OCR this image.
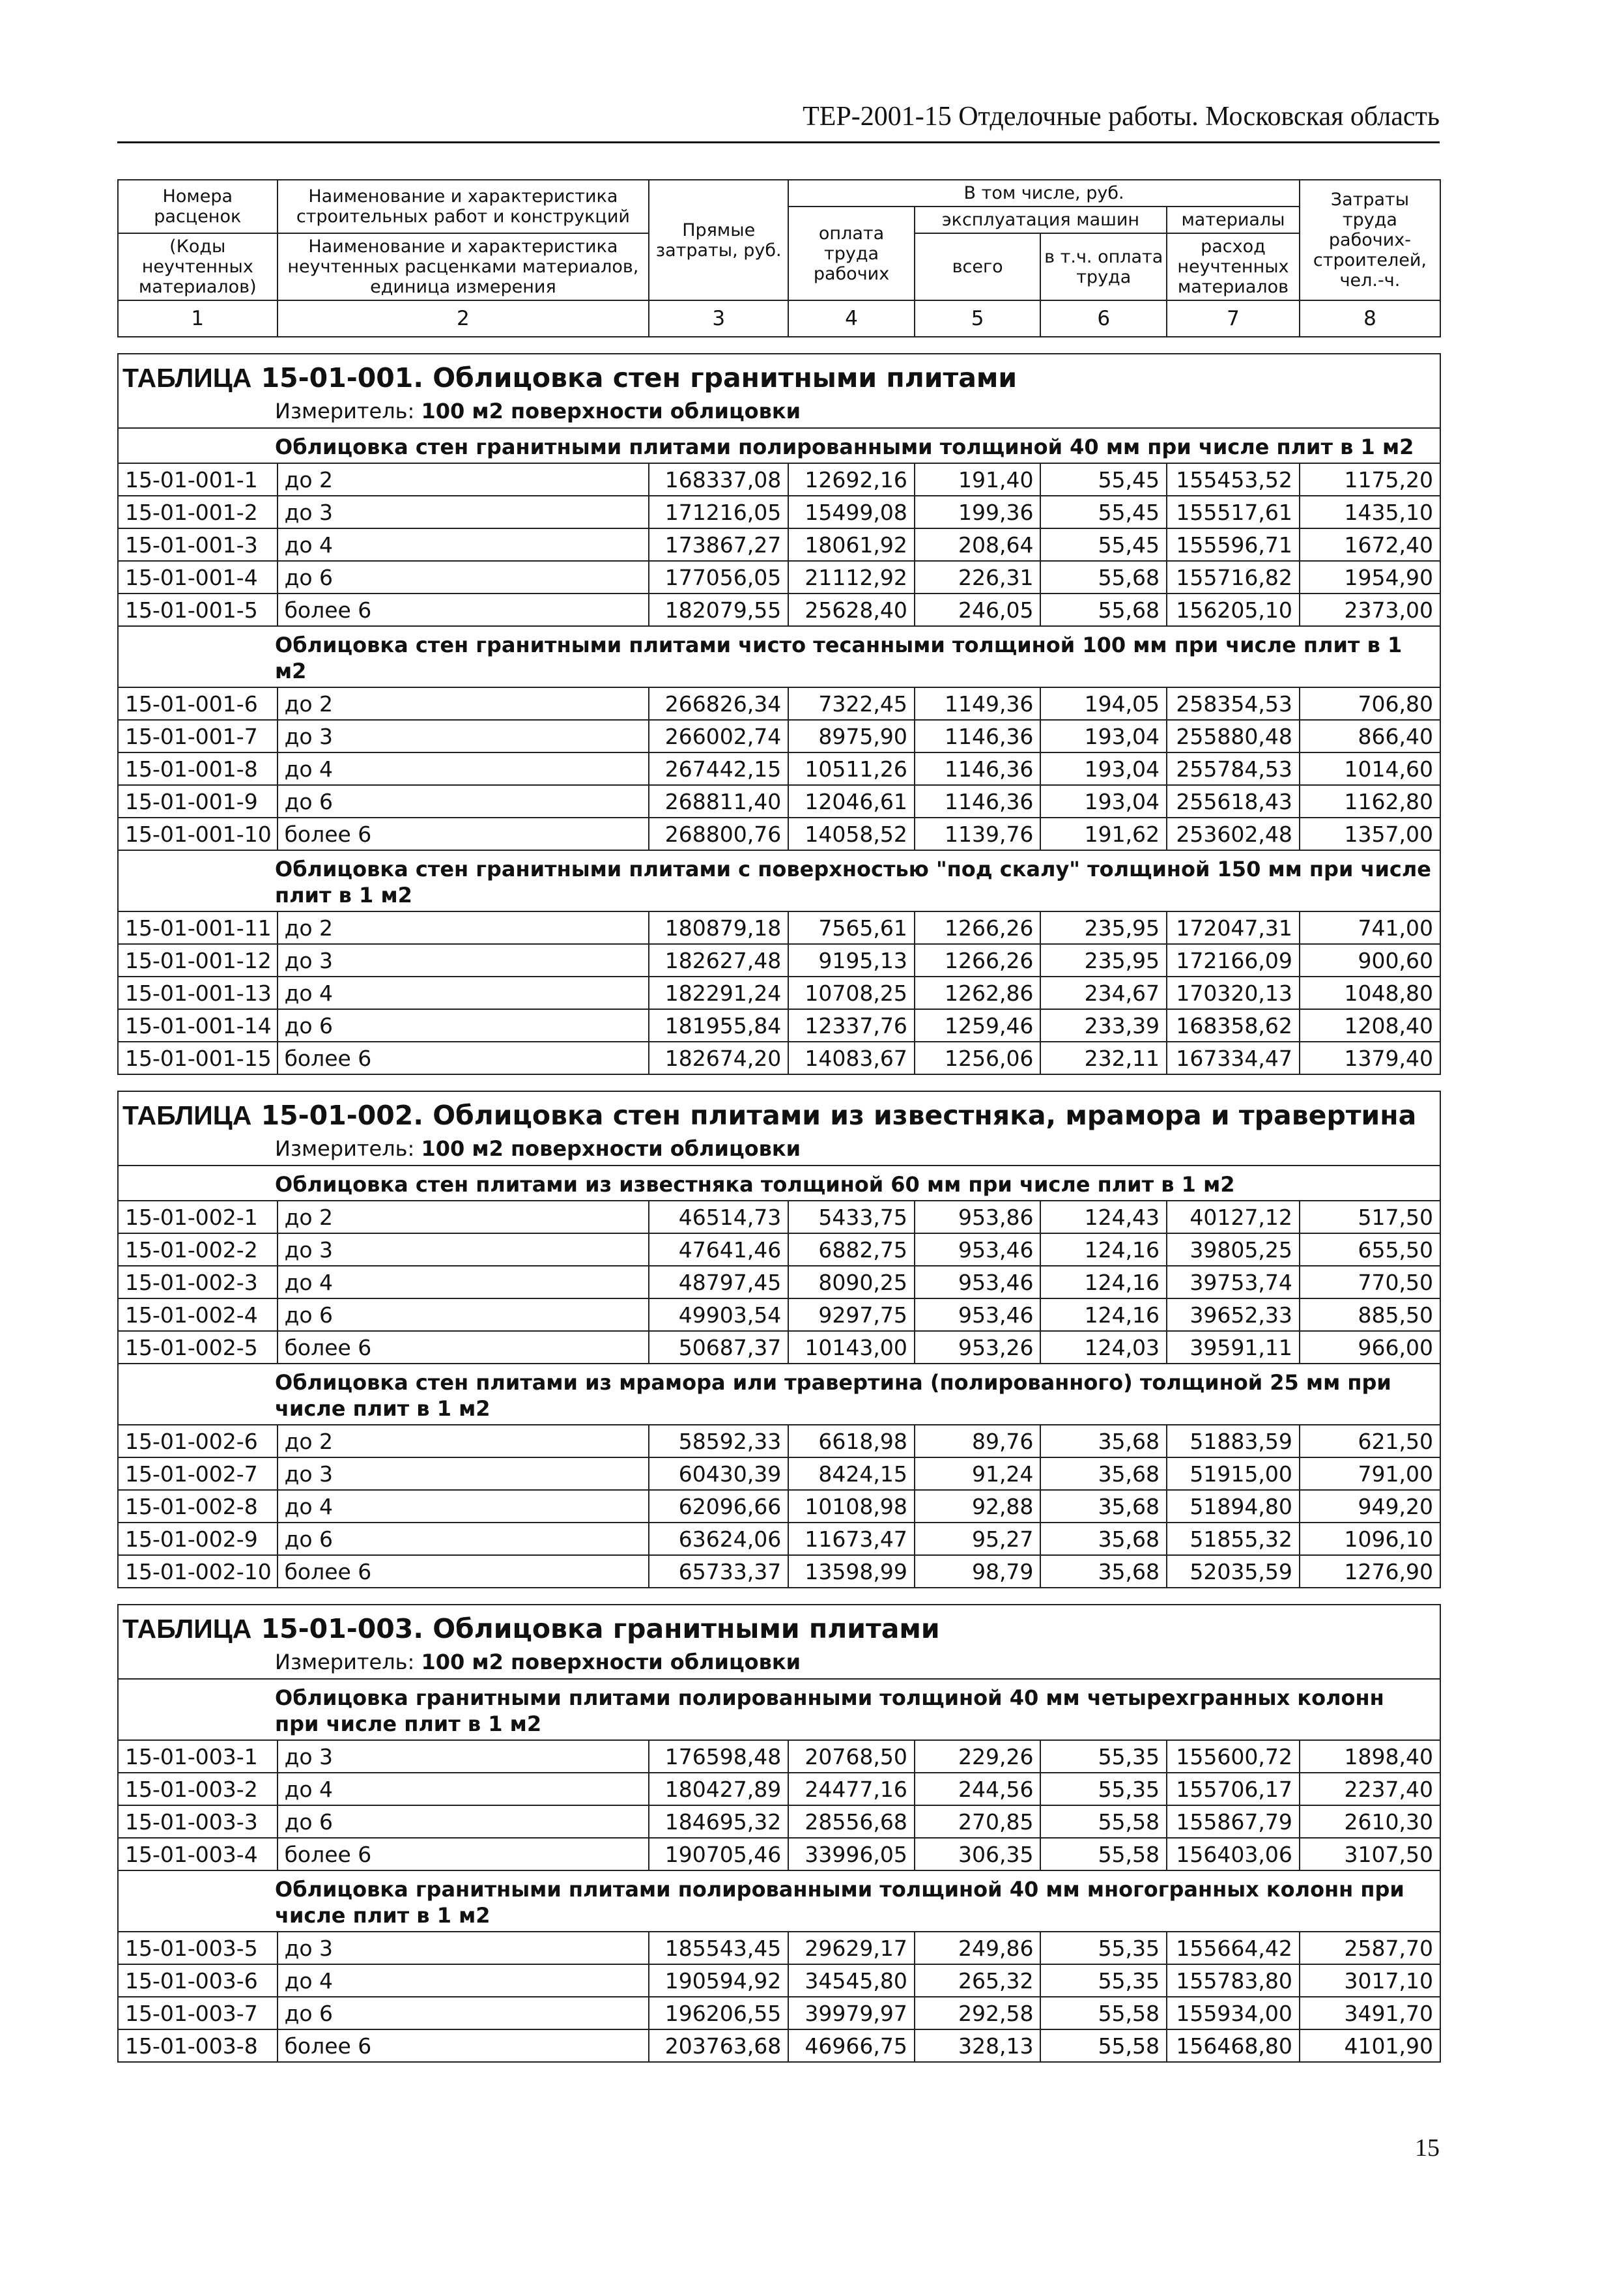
ТЕР-2001-15 Отделочные работы. Московская область
Номера расценок	Наименование и характеристика строительных работ и конструкций	Прямые затраты, руб.	В том числе, руб.				Затраты труда рабочих-строителей, чел.-ч.
			оплата труда рабочих	эксплуатация машин		материалы	
(Коды неучтенных материалов)	Наименование и характеристика неучтенных расценками материалов, единица измерения			всего	в т.ч. оплата труда	расход неучтенных материалов	

1	2	3	4	5	6	7	8

ТАБЛИЦА 15-01-001. Облицовка стен гранитными плитами							
Измеритель: 100 м2 поверхности облицовки							
Облицовка стен гранитными плитами полированными толщиной 40 мм при числе плит в 1 м2							
15-01-001-1	до 2	168337,08	12692,16	191,40	55,45	155453,52	1175,20
15-01-001-2	до 3	171216,05	15499,08	199,36	55,45	155517,61	1435,10
15-01-001-3	до 4	173867,27	18061,92	208,64	55,45	155596,71	1672,40
15-01-001-4	до 6	177056,05	21112,92	226,31	55,68	155716,82	1954,90
15-01-001-5	более 6	182079,55	25628,40	246,05	55,68	156205,10	2373,00
Облицовка стен гранитными плитами чисто тесанными толщиной 100 мм при числе плит в 1 м2							
15-01-001-6	до 2	266826,34	7322,45	1149,36	194,05	258354,53	706,80
15-01-001-7	до 3	266002,74	8975,90	1146,36	193,04	255880,48	866,40
15-01-001-8	до 4	267442,15	10511,26	1146,36	193,04	255784,53	1014,60
15-01-001-9	до 6	268811,40	12046,61	1146,36	193,04	255618,43	1162,80
15-01-001-10	более 6	268800,76	14058,52	1139,76	191,62	253602,48	1357,00
Облицовка стен гранитными плитами с поверхностью "под скалу" толщиной 150 мм при числе плит в 1 м2							
15-01-001-11	до 2	180879,18	7565,61	1266,26	235,95	172047,31	741,00
15-01-001-12	до 3	182627,48	9195,13	1266,26	235,95	172166,09	900,60
15-01-001-13	до 4	182291,24	10708,25	1262,86	234,67	170320,13	1048,80
15-01-001-14	до 6	181955,84	12337,76	1259,46	233,39	168358,62	1208,40
15-01-001-15	более 6	182674,20	14083,67	1256,06	232,11	167334,47	1379,40

ТАБЛИЦА 15-01-002. Облицовка стен плитами из известняка, мрамора и травертина							
Измеритель: 100 м2 поверхности облицовки							
Облицовка стен плитами из известняка толщиной 60 мм при числе плит в 1 м2							
15-01-002-1	до 2	46514,73	5433,75	953,86	124,43	40127,12	517,50
15-01-002-2	до 3	47641,46	6882,75	953,46	124,16	39805,25	655,50
15-01-002-3	до 4	48797,45	8090,25	953,46	124,16	39753,74	770,50
15-01-002-4	до 6	49903,54	9297,75	953,46	124,16	39652,33	885,50
15-01-002-5	более 6	50687,37	10143,00	953,26	124,03	39591,11	966,00
Облицовка стен плитами из мрамора или травертина (полированного) толщиной 25 мм при числе плит в 1 м2							
15-01-002-6	до 2	58592,33	6618,98	89,76	35,68	51883,59	621,50
15-01-002-7	до 3	60430,39	8424,15	91,24	35,68	51915,00	791,00
15-01-002-8	до 4	62096,66	10108,98	92,88	35,68	51894,80	949,20
15-01-002-9	до 6	63624,06	11673,47	95,27	35,68	51855,32	1096,10
15-01-002-10	более 6	65733,37	13598,99	98,79	35,68	52035,59	1276,90

ТАБЛИЦА 15-01-003. Облицовка гранитными плитами							
Измеритель: 100 м2 поверхности облицовки							
Облицовка гранитными плитами полированными толщиной 40 мм четырехгранных колонн при числе плит в 1 м2							
15-01-003-1	до 3	176598,48	20768,50	229,26	55,35	155600,72	1898,40
15-01-003-2	до 4	180427,89	24477,16	244,56	55,35	155706,17	2237,40
15-01-003-3	до 6	184695,32	28556,68	270,85	55,58	155867,79	2610,30
15-01-003-4	более 6	190705,46	33996,05	306,35	55,58	156403,06	3107,50
Облицовка гранитными плитами полированными толщиной 40 мм многогранных колонн при числе плит в 1 м2							
15-01-003-5	до 3	185543,45	29629,17	249,86	55,35	155664,42	2587,70
15-01-003-6	до 4	190594,92	34545,80	265,32	55,35	155783,80	3017,10
15-01-003-7	до 6	196206,55	39979,97	292,58	55,58	155934,00	3491,70
15-01-003-8	более 6	203763,68	46966,75	328,13	55,58	156468,80	4101,90
15
